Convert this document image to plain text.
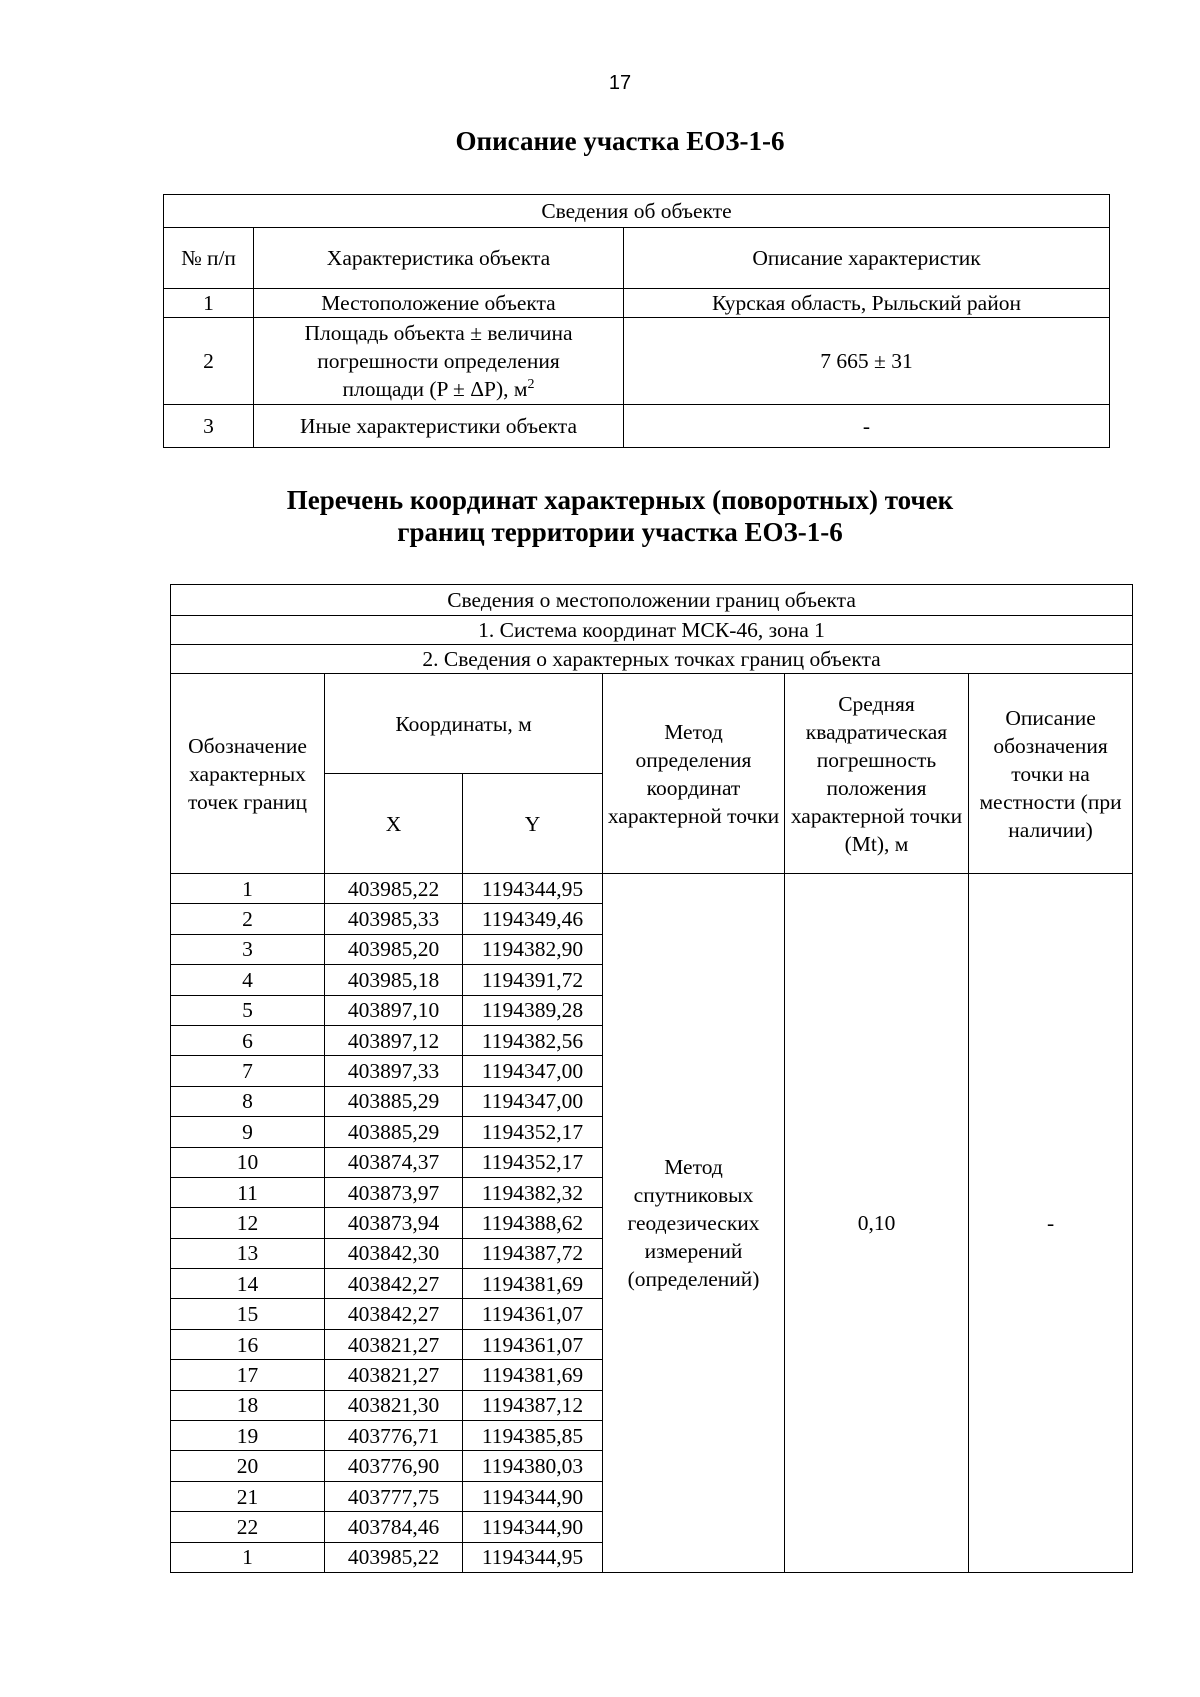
17
Описание участка ЕОЗ-1-6
Сведения об объекте		
№ п/п	Характеристика объекта	Описание характеристик
1	Местоположение объекта	Курская область, Рыльский район
2	Площадь объекта ± величина
погрешности определения
площади (P ± ΔP), $м^2$	7 665 ± 31
3	Иные характеристики объекта	-
Перечень координат характерных (поворотных) точек
границ территории участка ЕОЗ-1-6
Сведения о местоположении границ объекта					
1. Система координат МСК-46, зона 1					
2. Сведения о характерных точках границ объекта					
Обозначение характерных точек границ	Координаты, м		Метод определения координат характерной точки	Средняя квадратическая погрешность положения характерной точки (Mt), м	Описание обозначения точки на местности (при наличии)
	X	Y			
1	403985,22	1194344,95	Метод спутниковых геодезических измерений (определений)	0,10	-
2	403985,33	1194349,46			
3	403985,20	1194382,90			
4	403985,18	1194391,72			
5	403897,10	1194389,28			
6	403897,12	1194382,56			
7	403897,33	1194347,00			
8	403885,29	1194347,00			
9	403885,29	1194352,17			
10	403874,37	1194352,17			
11	403873,97	1194382,32			
12	403873,94	1194388,62			
13	403842,30	1194387,72			
14	403842,27	1194381,69			
15	403842,27	1194361,07			
16	403821,27	1194361,07			
17	403821,27	1194381,69			
18	403821,30	1194387,12			
19	403776,71	1194385,85			
20	403776,90	1194380,03			
21	403777,75	1194344,90			
22	403784,46	1194344,90			
1	403985,22	1194344,95			
